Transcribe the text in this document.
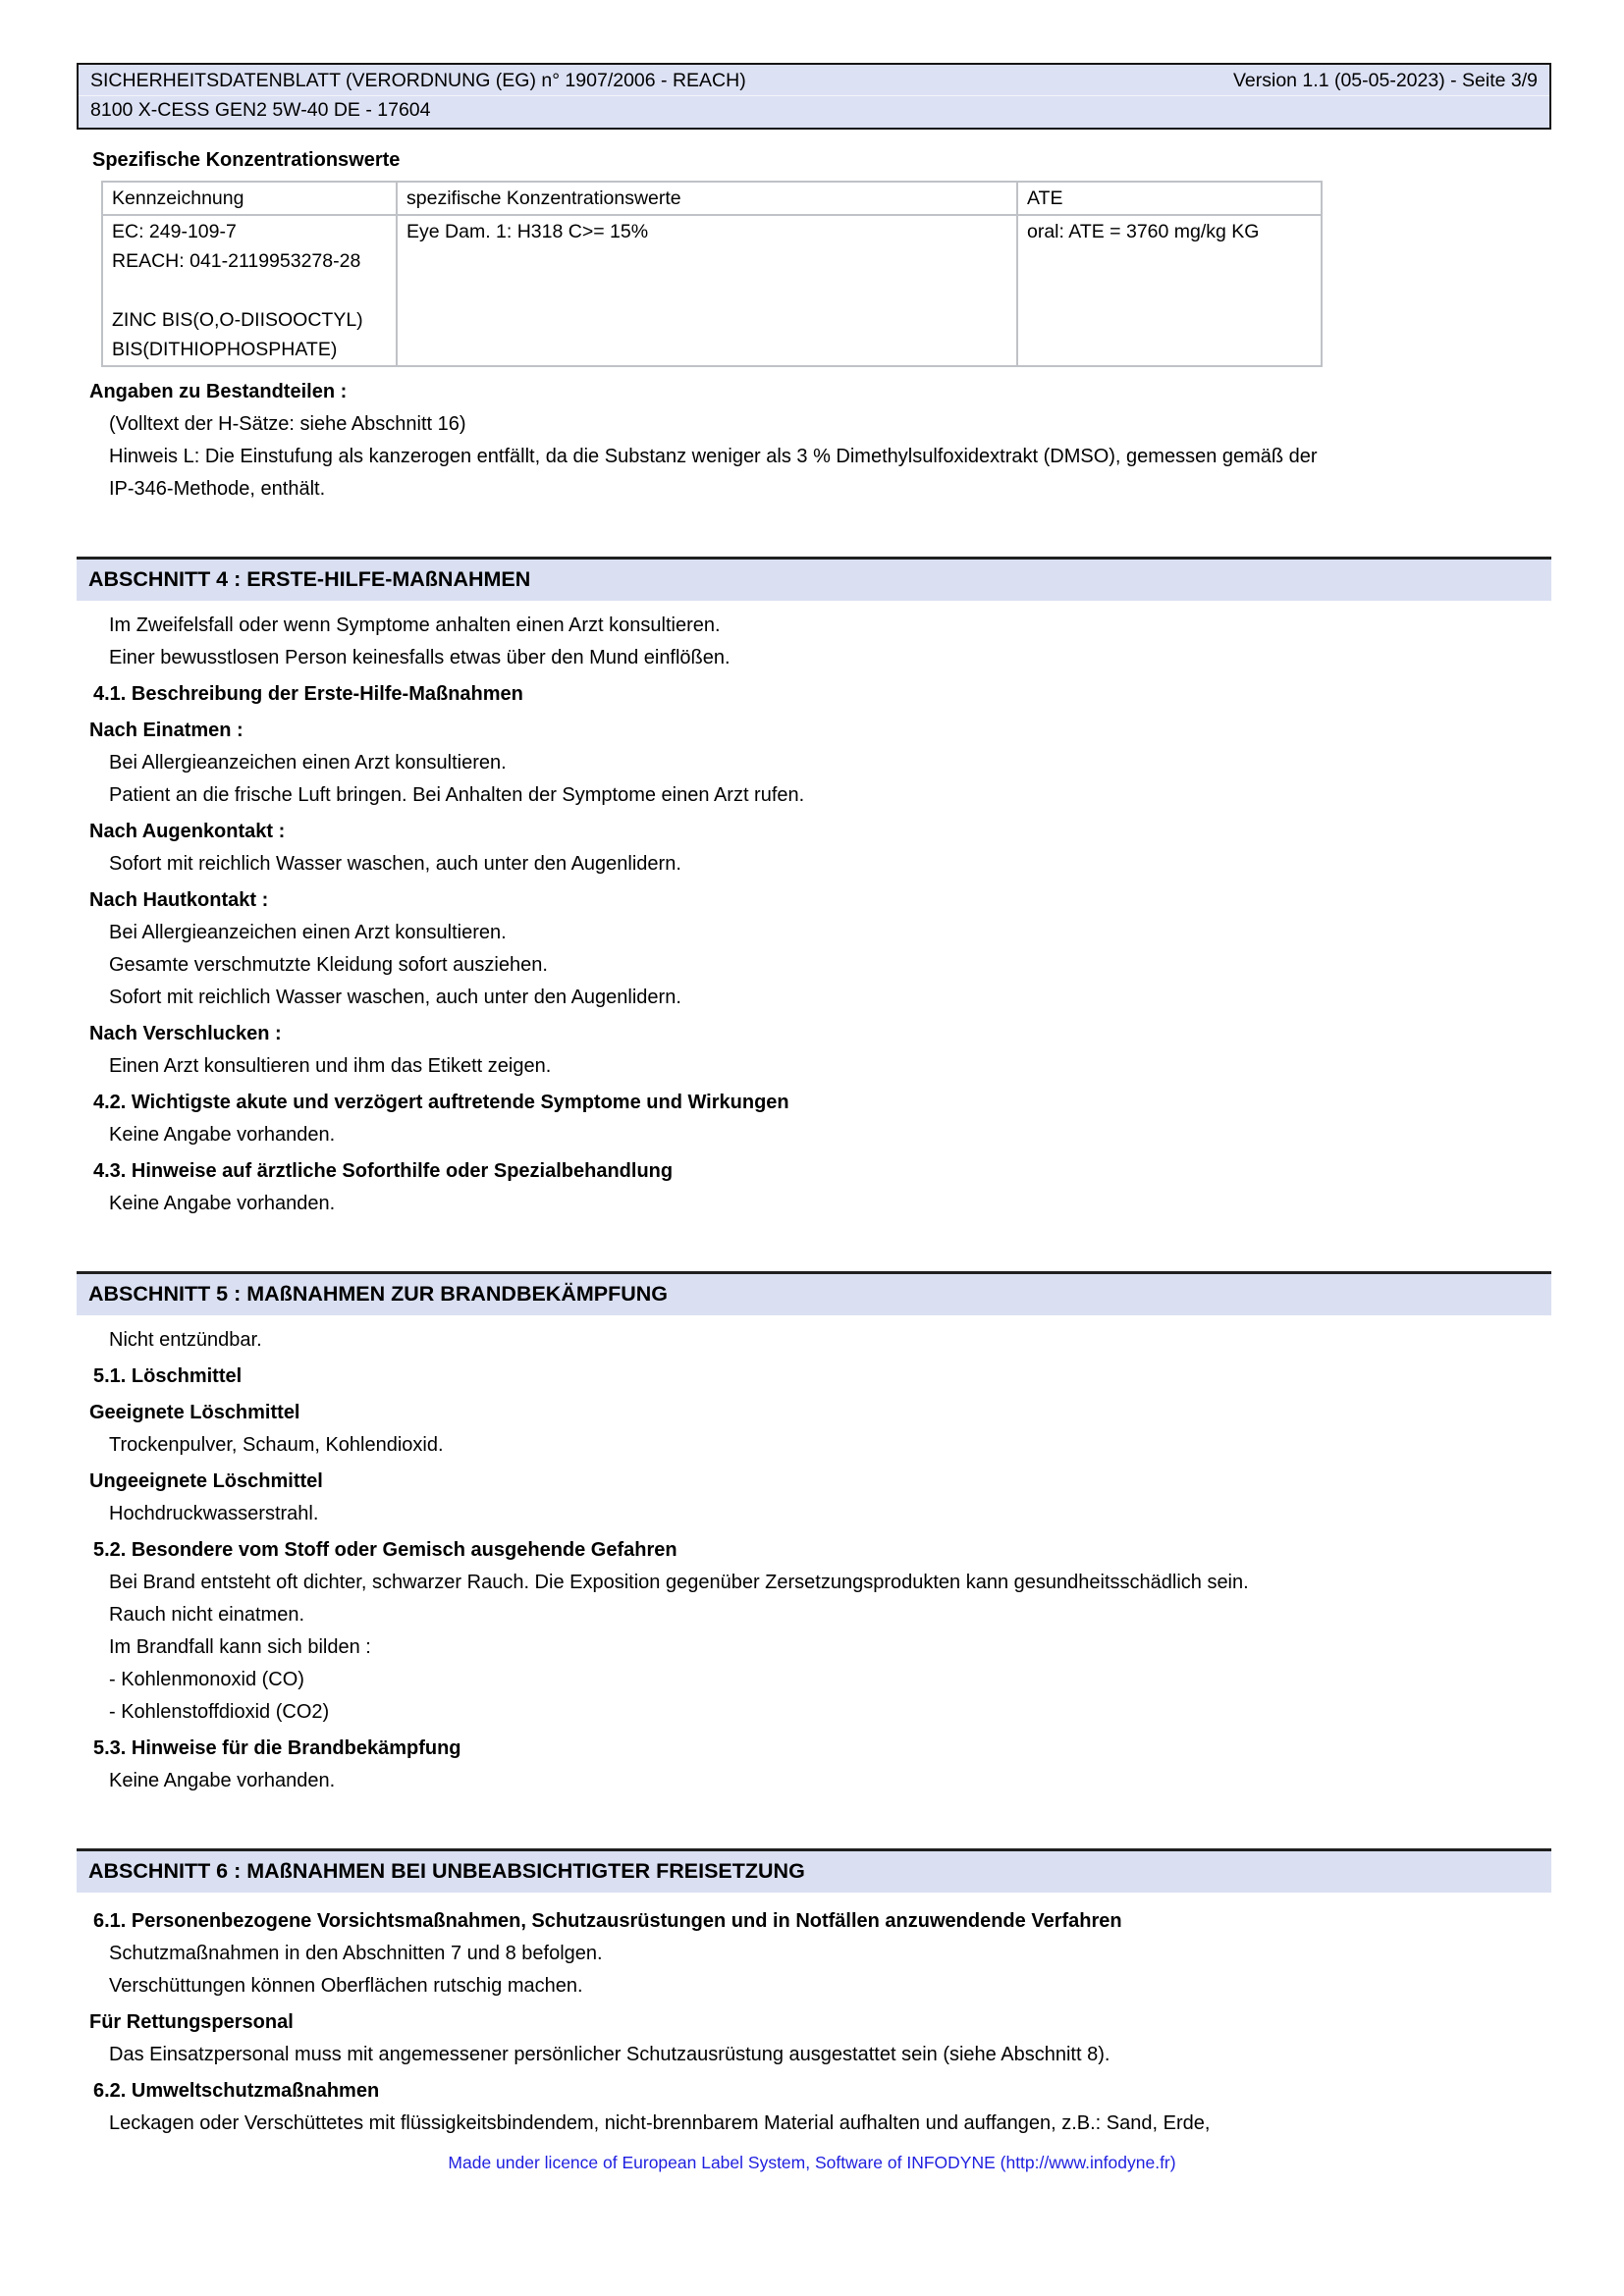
SICHERHEITSDATENBLATT (VERORDNUNG (EG) n° 1907/2006 - REACH)	Version 1.1 (05-05-2023) - Seite 3/9
8100 X-CESS GEN2 5W-40 DE - 17604
Spezifische Konzentrationswerte
Kennzeichnung	spezifische Konzentrationswerte	ATE

EC: 249-109-7
REACH: 041-2119953278-28
ZINC BIS(O,O-DIISOOCTYL)
BIS(DITHIOPHOSPHATE)	Eye Dam. 1: H318 C>= 15%	oral: ATE = 3760 mg/kg KG
Angaben zu Bestandteilen :
(Volltext der H-Sätze: siehe Abschnitt 16)
Hinweis L: Die Einstufung als kanzerogen entfällt, da die Substanz weniger als 3 % Dimethylsulfoxidextrakt (DMSO), gemessen gemäß der
IP-346-Methode, enthält.
ABSCHNITT 4 : ERSTE-HILFE-MAßNAHMEN
Im Zweifelsfall oder wenn Symptome anhalten einen Arzt konsultieren.
Einer bewusstlosen Person keinesfalls etwas über den Mund einflößen.
4.1. Beschreibung der Erste-Hilfe-Maßnahmen
Nach Einatmen :
Bei Allergieanzeichen einen Arzt konsultieren.
Patient an die frische Luft bringen. Bei Anhalten der Symptome einen Arzt rufen.
Nach Augenkontakt :
Sofort mit reichlich Wasser waschen, auch unter den Augenlidern.
Nach Hautkontakt :
Bei Allergieanzeichen einen Arzt konsultieren.
Gesamte verschmutzte Kleidung sofort ausziehen.
Sofort mit reichlich Wasser waschen, auch unter den Augenlidern.
Nach Verschlucken :
Einen Arzt konsultieren und ihm das Etikett zeigen.
4.2. Wichtigste akute und verzögert auftretende Symptome und Wirkungen
Keine Angabe vorhanden.
4.3. Hinweise auf ärztliche Soforthilfe oder Spezialbehandlung
Keine Angabe vorhanden.
ABSCHNITT 5 : MAßNAHMEN ZUR BRANDBEKÄMPFUNG
Nicht entzündbar.
5.1. Löschmittel
Geeignete Löschmittel
Trockenpulver, Schaum, Kohlendioxid.
Ungeeignete Löschmittel
Hochdruckwasserstrahl.
5.2. Besondere vom Stoff oder Gemisch ausgehende Gefahren
Bei Brand entsteht oft dichter, schwarzer Rauch. Die Exposition gegenüber Zersetzungsprodukten kann gesundheitsschädlich sein.
Rauch nicht einatmen.
Im Brandfall kann sich bilden :
- Kohlenmonoxid (CO)
- Kohlenstoffdioxid (CO2)
5.3. Hinweise für die Brandbekämpfung
Keine Angabe vorhanden.
ABSCHNITT 6 : MAßNAHMEN BEI UNBEABSICHTIGTER FREISETZUNG
6.1. Personenbezogene Vorsichtsmaßnahmen, Schutzausrüstungen und in Notfällen anzuwendende Verfahren
Schutzmaßnahmen in den Abschnitten 7 und 8 befolgen.
Verschüttungen können Oberflächen rutschig machen.
Für Rettungspersonal
Das Einsatzpersonal muss mit angemessener persönlicher Schutzausrüstung ausgestattet sein (siehe Abschnitt 8).
6.2. Umweltschutzmaßnahmen
Leckagen oder Verschüttetes mit flüssigkeitsbindendem, nicht-brennbarem Material aufhalten und auffangen, z.B.: Sand, Erde,
Made under licence of European Label System, Software of INFODYNE (http://www.infodyne.fr)
